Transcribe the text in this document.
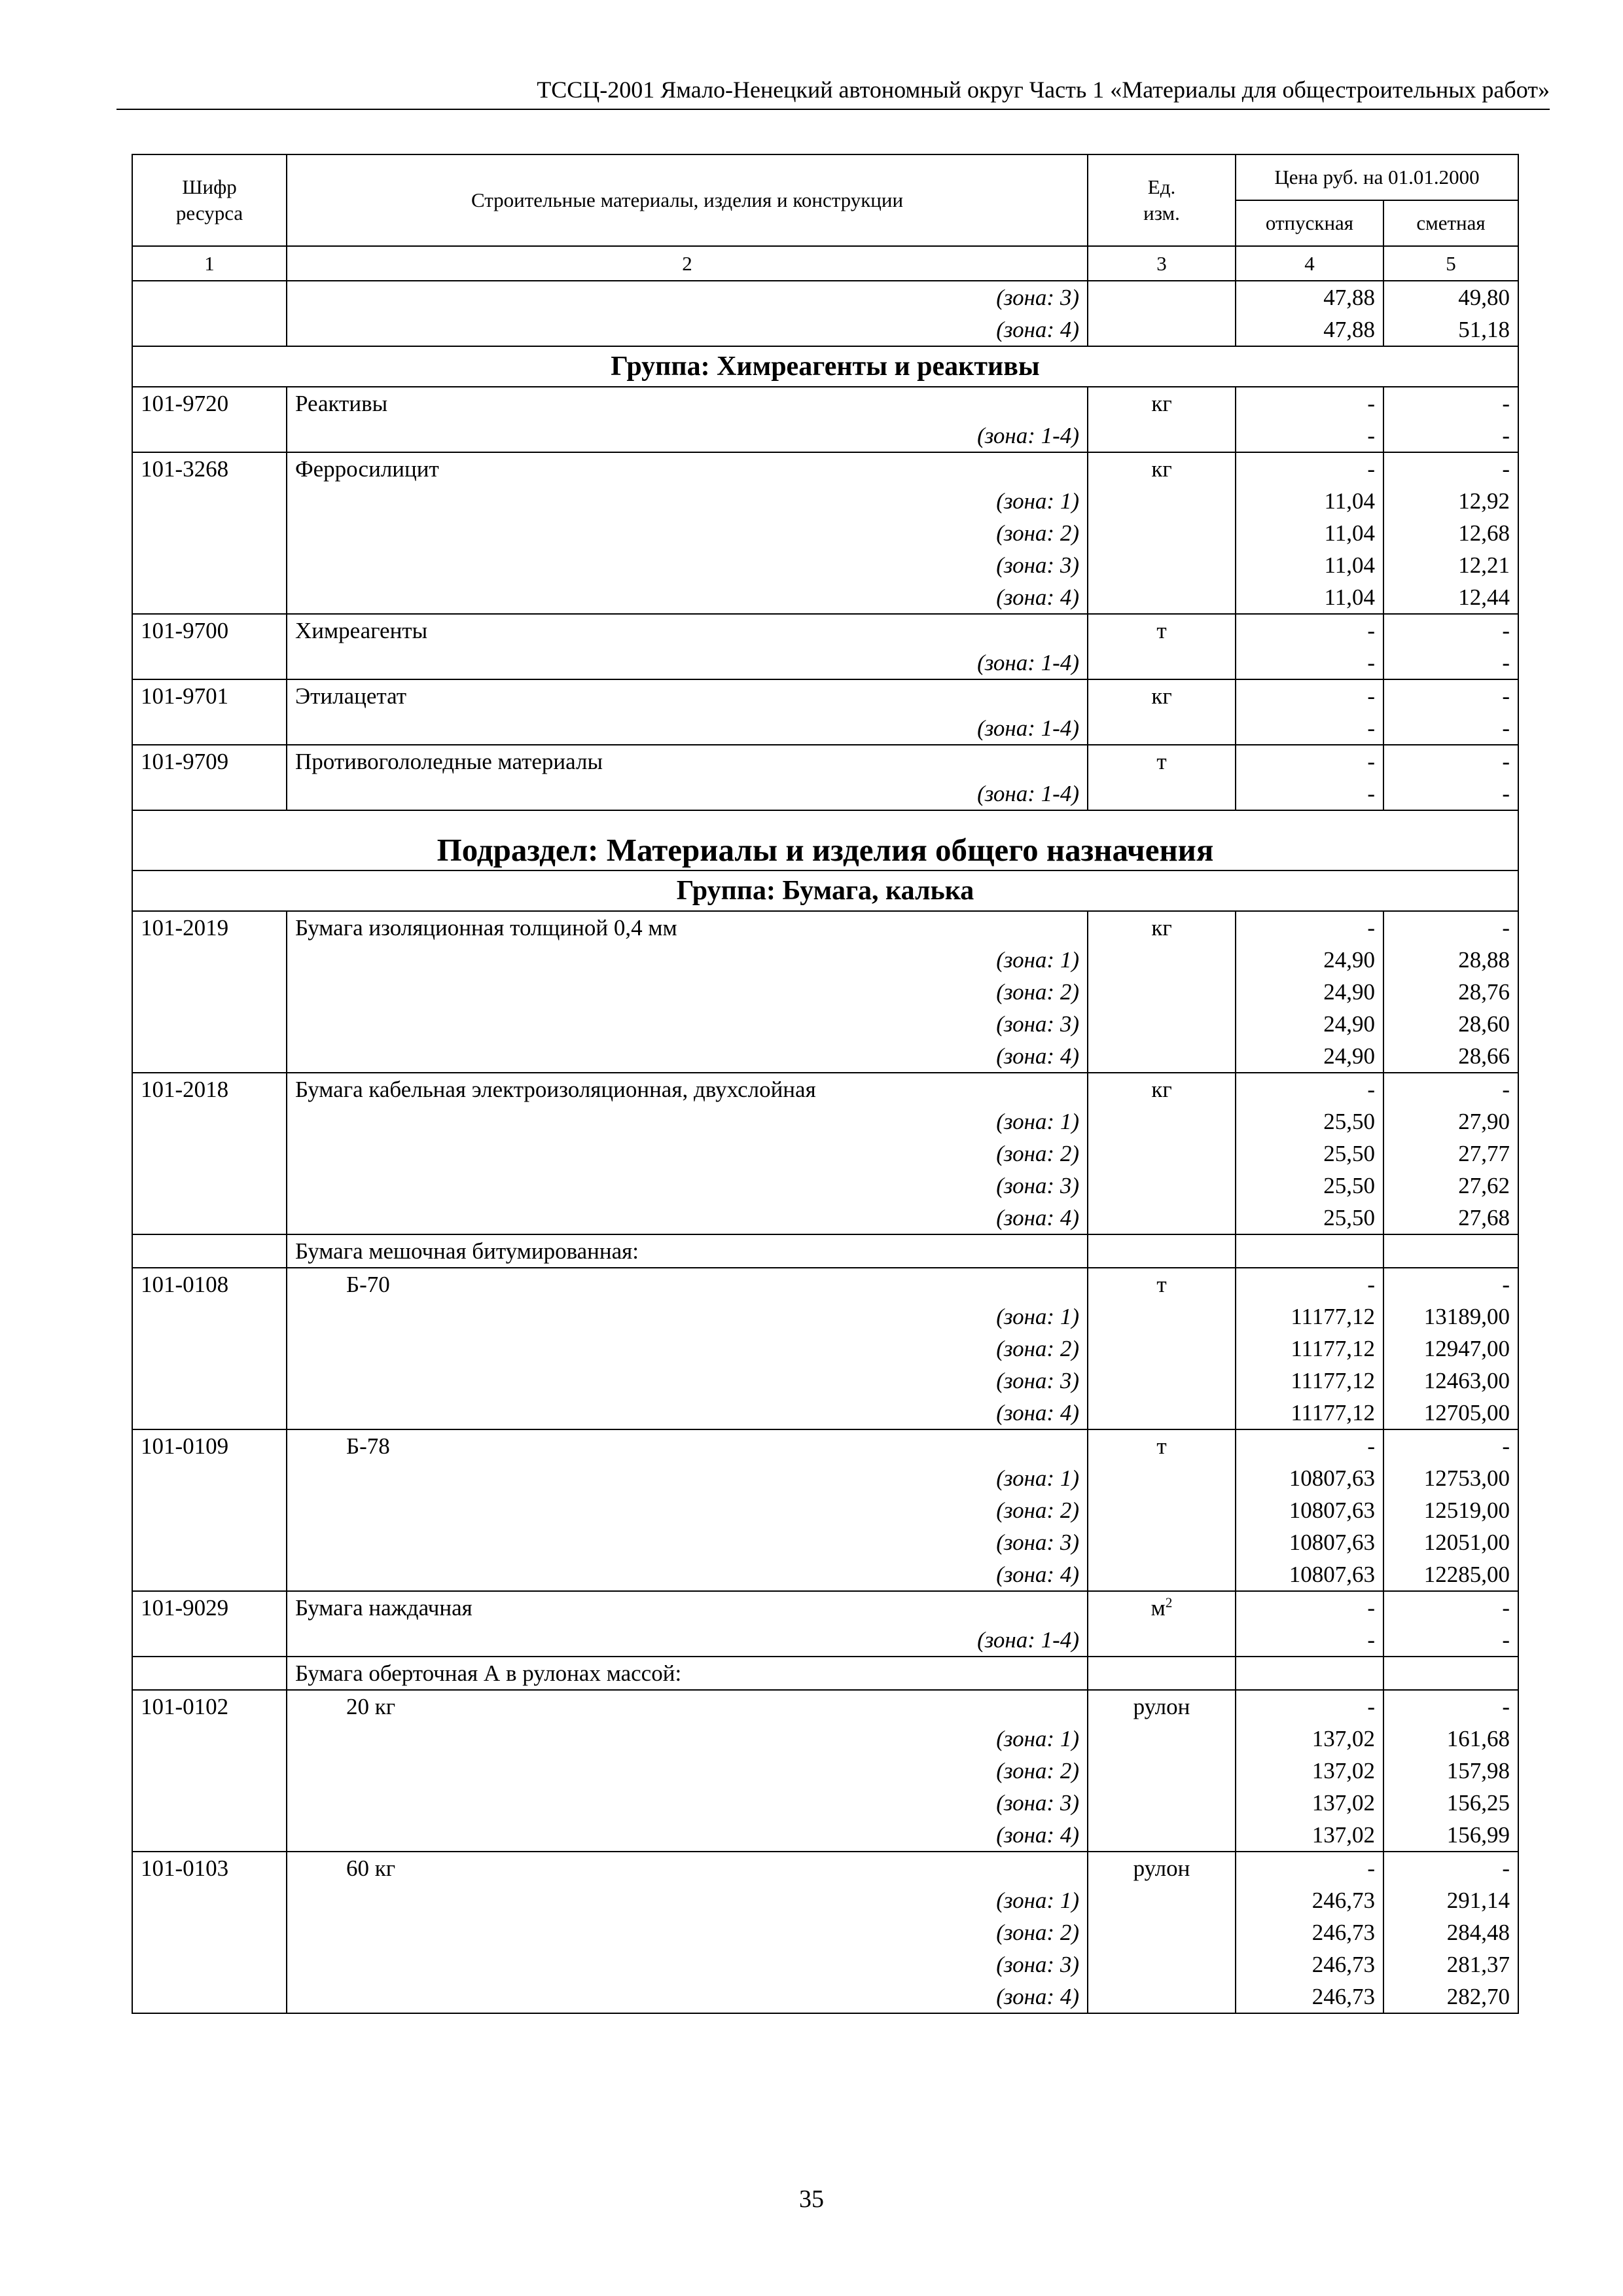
ТССЦ-2001 Ямало-Ненецкий автономный округ Часть 1 «Материалы для общестроительных работ»
Шифр ресурса	Строительные материалы, изделия и конструкции	Ед. изм.	Цена руб. на 01.01.2000	
			отпускная	сметная
1	2	3	4	5

	(зона: 3)		47,88	49,80

	(зона: 4)		47,88	51,18
Группа: Химреагенты и реактивы				
101-9720	Реактивы	кг	-	-

	(зона: 1-4)		-	-
101-3268	Ферросилицит	кг	-	-

	(зона: 1)		11,04	12,92

	(зона: 2)		11,04	12,68

	(зона: 3)		11,04	12,21

	(зона: 4)		11,04	12,44
101-9700	Химреагенты	т	-	-

	(зона: 1-4)		-	-
101-9701	Этилацетат	кг	-	-

	(зона: 1-4)		-	-
101-9709	Противогололедные материалы	т	-	-

	(зона: 1-4)		-	-
Подраздел: Материалы и изделия общего назначения				
Группа: Бумага, калька				
101-2019	Бумага изоляционная толщиной 0,4 мм	кг	-	-

	(зона: 1)		24,90	28,88

	(зона: 2)		24,90	28,76

	(зона: 3)		24,90	28,60

	(зона: 4)		24,90	28,66
101-2018	Бумага кабельная электроизоляционная, двухслойная	кг	-	-

	(зона: 1)		25,50	27,90

	(зона: 2)		25,50	27,77

	(зона: 3)		25,50	27,62

	(зона: 4)		25,50	27,68
	Бумага мешочная битумированная:			
101-0108	Б-70	т	-	-

	(зона: 1)		11177,12	13189,00

	(зона: 2)		11177,12	12947,00

	(зона: 3)		11177,12	12463,00

	(зона: 4)		11177,12	12705,00
101-0109	Б-78	т	-	-

	(зона: 1)		10807,63	12753,00

	(зона: 2)		10807,63	12519,00

	(зона: 3)		10807,63	12051,00

	(зона: 4)		10807,63	12285,00
101-9029	Бумага наждачная	$м^2$	-	-

	(зона: 1-4)		-	-
	Бумага оберточная А в рулонах массой:			
101-0102	20 кг	рулон	-	-

	(зона: 1)		137,02	161,68

	(зона: 2)		137,02	157,98

	(зона: 3)		137,02	156,25

	(зона: 4)		137,02	156,99
101-0103	60 кг	рулон	-	-

	(зона: 1)		246,73	291,14

	(зона: 2)		246,73	284,48

	(зона: 3)		246,73	281,37

	(зона: 4)		246,73	282,70
35
